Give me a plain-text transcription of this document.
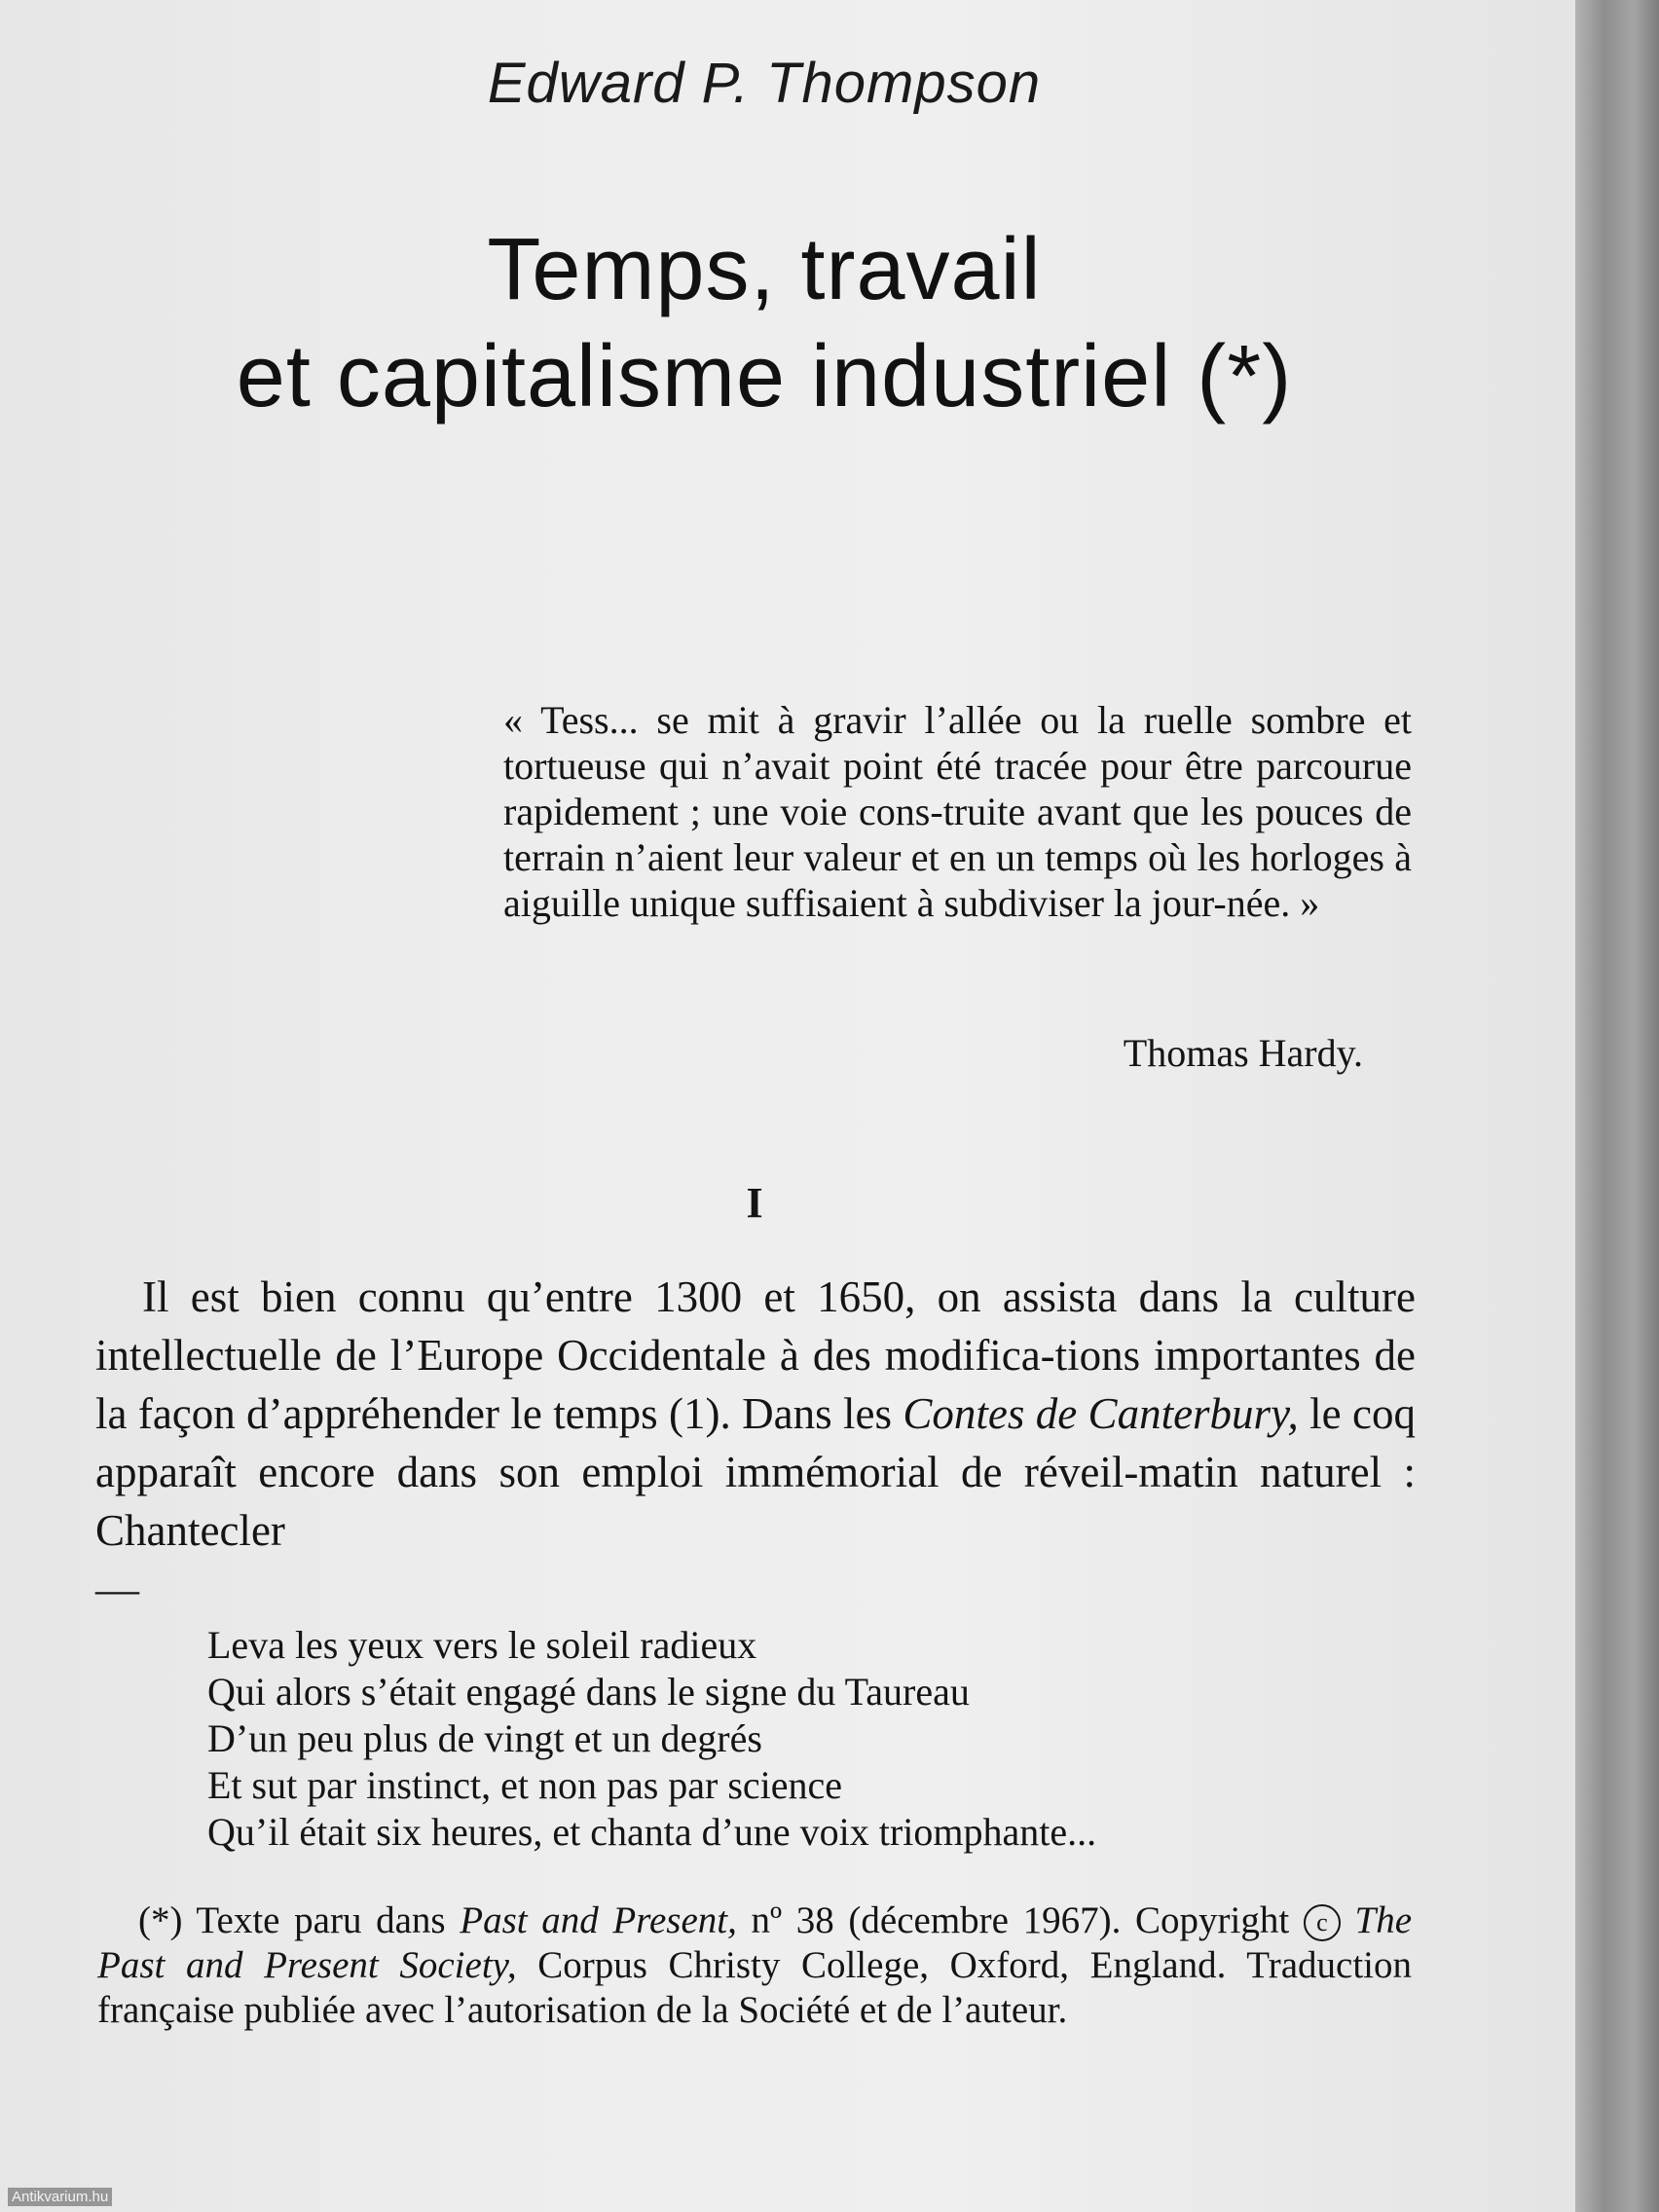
Edward P. Thompson
Temps, travail
et capitalisme industriel (*)
« Tess... se mit à gravir l’allée ou la ruelle sombre et tortueuse qui n’avait point été tracée pour être parcourue rapidement ; une voie cons-truite avant que les pouces de terrain n’aient leur valeur et en un temps où les horloges à aiguille unique suffisaient à subdiviser la jour-née. »
Thomas Hardy.
I
Il est bien connu qu’entre 1300 et 1650, on assista dans la culture intellectuelle de l’Europe Occidentale à des modifica-tions importantes de la façon d’appréhender le temps (1). Dans les Contes de Canterbury, le coq apparaît encore dans son emploi immémorial de réveil-matin naturel : Chantecler
—
Leva les yeux vers le soleil radieux
Qui alors s’était engagé dans le signe du Taureau
D’un peu plus de vingt et un degrés
Et sut par instinct, et non pas par science
Qu’il était six heures, et chanta d’une voix triomphante...
(*) Texte paru dans Past and Present, nº 38 (décembre 1967). Copyright c The Past and Present Society, Corpus Christy College, Oxford, England. Traduction française publiée avec l’autorisation de la Société et de l’auteur.
Antikvarium.hu
